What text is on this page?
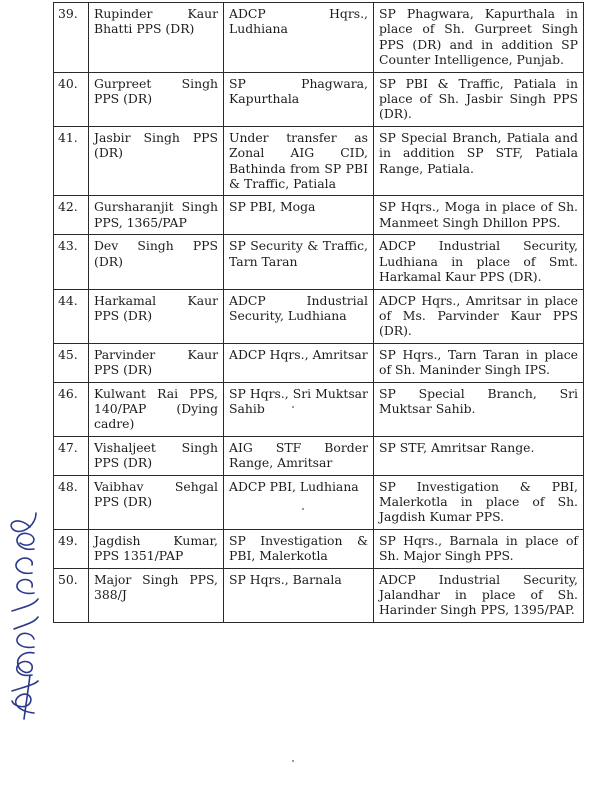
39.	Rupinder Kaur Bhatti PPS (DR)	ADCP Hqrs., Ludhiana	SP Phagwara, Kapurthala in place of Sh. Gurpreet Singh PPS (DR) and in addition SP Counter Intelligence, Punjab.
40.	Gurpreet Singh PPS (DR)	SP Phagwara, Kapurthala	SP PBI & Traffic, Patiala in place of Sh. Jasbir Singh PPS (DR).
41.	Jasbir Singh PPS (DR)	Under transfer as Zonal AIG CID, Bathinda from SP PBI & Traffic, Patiala	SP Special Branch, Patiala and in addition SP STF, Patiala Range, Patiala.
42.	Gursharanjit Singh PPS, 1365/PAP	SP PBI, Moga	SP Hqrs., Moga in place of Sh. Manmeet Singh Dhillon PPS.
43.	Dev Singh PPS (DR)	SP Security & Traffic, Tarn Taran	ADCP Industrial Security, Ludhiana in place of Smt. Harkamal Kaur PPS (DR).
44.	Harkamal Kaur PPS (DR)	ADCP Industrial Security, Ludhiana	ADCP Hqrs., Amritsar in place of Ms. Parvinder Kaur PPS (DR).
45.	Parvinder Kaur PPS (DR)	ADCP Hqrs., Amritsar	SP Hqrs., Tarn Taran in place of Sh. Maninder Singh IPS.
46.	Kulwant Rai PPS, 140/PAP (Dying cadre)	SP Hqrs., Sri Muktsar Sahib	SP Special Branch, Sri Muktsar Sahib.
47.	Vishaljeet Singh PPS (DR)	AIG STF Border Range, Amritsar	SP STF, Amritsar Range.
48.	Vaibhav Sehgal PPS (DR)	ADCP PBI, Ludhiana	SP Investigation & PBI, Malerkotla in place of Sh. Jagdish Kumar PPS.
49.	Jagdish Kumar, PPS 1351/PAP	SP Investigation & PBI, Malerkotla	SP Hqrs., Barnala in place of Sh. Major Singh PPS.
50.	Major Singh PPS, 388/J	SP Hqrs., Barnala	ADCP Industrial Security, Jalandhar in place of Sh. Harinder Singh PPS, 1395/PAP.
